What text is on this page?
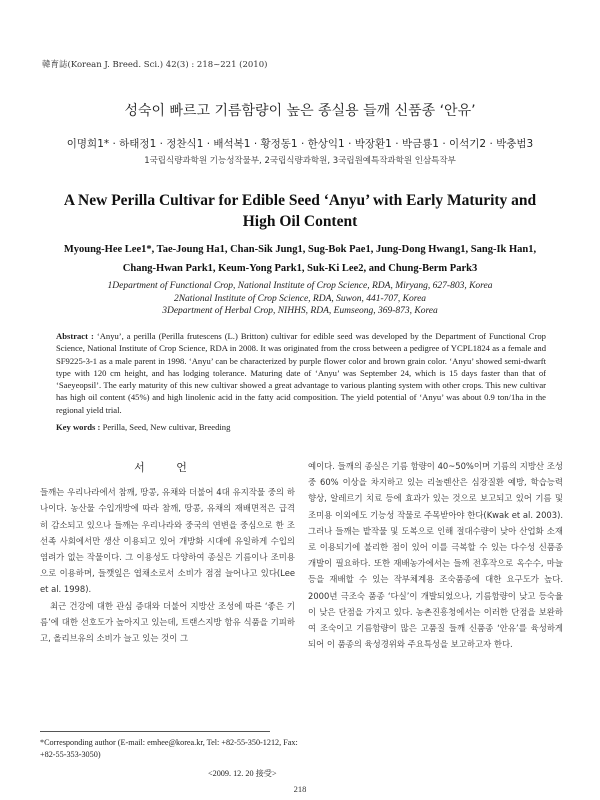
韓育誌(Korean J. Breed. Sci.) 42(3) : 218~221 (2010)
성숙이 빠르고 기름함량이 높은 종실용 들깨 신품종 ‘안유’
이명희1* · 하태정1 · 정찬식1 · 배석복1 · 황정동1 · 한상익1 · 박장환1 · 박금룡1 · 이석기2 · 박충범3
1국립식량과학원 기능성작물부, 2국립식량과학원, 3국립원예특작과학원 인삼특작부
A New Perilla Cultivar for Edible Seed ‘Anyu’ with Early Maturity and High Oil Content
Myoung-Hee Lee1*, Tae-Joung Ha1, Chan-Sik Jung1, Sug-Bok Pae1, Jung-Dong Hwang1, Sang-Ik Han1,
Chang-Hwan Park1, Keum-Yong Park1, Suk-Ki Lee2, and Chung-Berm Park3
1Department of Functional Crop, National Institute of Crop Science, RDA, Miryang, 627-803, Korea
2National Institute of Crop Science, RDA, Suwon, 441-707, Korea
3Department of Herbal Crop, NIHHS, RDA, Eumseong, 369-873, Korea
Abstract : ‘Anyu’, a perilla (Perilla frutescens (L.) Britton) cultivar for edible seed was developed by the Department of Functional Crop Science, National Institute of Crop Science, RDA in 2008. It was originated from the cross between a pedigree of YCPL1824 as a female and SF9225-3-1 as a male parent in 1998. ‘Anyu’ can be characterized by purple flower color and brown grain color. ‘Anyu’ showed semi-dwarft type with 120 cm height, and has lodging tolerance. Maturing date of ‘Anyu’ was September 24, which is 15 days faster than that of ‘Saeyeopsil’. The early maturity of this new cultivar showed a great advantage to various planting system with other crops. This new cultivar has high oil content (45%) and high linolenic acid in the fatty acid composition. The yield potential of ‘Anyu’ was about 0.9 ton/1ha in the regional yield trial.
Key words : Perilla, Seed, New cultivar, Breeding
서 언

들깨는 우리나라에서 참깨, 땅콩, 유채와 더불어 4대 유지작물 중의 하나이다. 농산물 수입개방에 따라 참깨, 땅콩, 유채의 재배면적은 급격히 감소되고 있으나 들깨는 우리나라와 중국의 연변을 중심으로 한 조선족 사회에서만 생산 이용되고 있어 개방화 시대에 유일하게 수입의 염려가 없는 작물이다. 그 이용성도 다양하여 종실은 기름이나 조미용으로 이용하며, 들깻잎은 엽채소로서 소비가 점점 늘어나고 있다(Lee et al. 1998).

최근 건강에 대한 관심 증대와 더불어 지방산 조성에 따른 ‘좋은 기름’에 대한 선호도가 높아지고 있는데, 트랜스지방 함유 식품을 기피하고, 올리브유의 소비가 늘고 있는 것이 그

예이다. 들깨의 종실은 기름 함량이 40~50%이며 기름의 지방산 조성 중 60% 이상을 차지하고 있는 리놀렌산은 심장질환 예방, 학습능력 향상, 알레르기 치료 등에 효과가 있는 것으로 보고되고 있어 기름 및 조미용 이외에도 기능성 작물로 주목받아야 한다(Kwak et al. 2003). 그러나 들깨는 밭작물 및 도복으로 인해 절대수량이 낮아 산업화 소재로 이용되기에 불리한 점이 있어 이를 극복할 수 있는 다수성 신품종 개발이 필요하다. 또한 재배농가에서는 들깨 전후작으로 옥수수, 마늘 등을 재배할 수 있는 작부체계용 조숙품종에 대한 요구도가 높다. 2000년 극조숙 품종 ‘다실’이 개발되었으나, 기름함량이 낮고 등숙율이 낮은 단점을 가지고 있다. 농촌진흥청에서는 이러한 단점을 보완하여 조숙이고 기름함량이 많은 고품질 들깨 신품종 ‘안유’를 육성하게 되어 이 품종의 육성경위와 주요특성을 보고하고자 한다.

*Corresponding author (E-mail: emhee@korea.kr, Tel: +82-55-350-1212, Fax: +82-55-353-3050)
<2009. 12. 20 接受>
218
